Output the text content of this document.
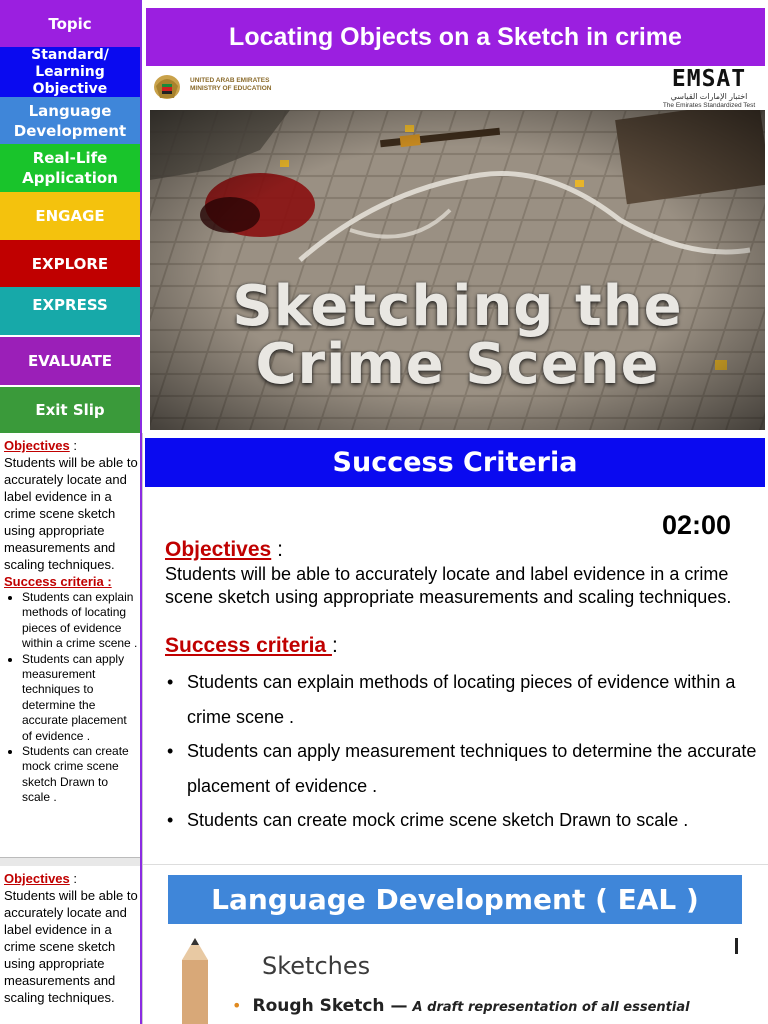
Topic
Standard/ Learning Objective
Language Development
Real-Life Application
ENGAGE
EXPLORE
EXPRESS
EVALUATE
Exit Slip
Objectives :
Students will be able to accurately locate and label evidence in a crime scene sketch using appropriate measurements and scaling techniques.
Success criteria :
• Students can explain methods of locating pieces of evidence within a crime scene .
• Students can apply measurement techniques to determine the accurate placement of evidence .
• Students can create mock crime scene sketch Drawn to scale .
Objectives :
Students will be able to accurately locate and label evidence in a crime scene sketch using appropriate measurements and scaling techniques.
Locating Objects on a Sketch in crime
UNITED ARAB EMIRATES
MINISTRY OF EDUCATION	EMSAT
اختبار الإمارات القياسي
The Emirates Standardized Test
Sketching the
Crime Scene
Success Criteria
02:00
Objectives :
Students will be able to accurately locate and label evidence in a crime scene sketch using appropriate measurements and scaling techniques.
Success criteria :
• Students can explain methods of locating pieces of evidence within a crime scene .
• Students can apply measurement techniques to determine the accurate placement of evidence .
• Students can create mock crime scene sketch Drawn to scale .
Language Development ( EAL )
Sketches
• Rough Sketch — A draft representation of all essential
